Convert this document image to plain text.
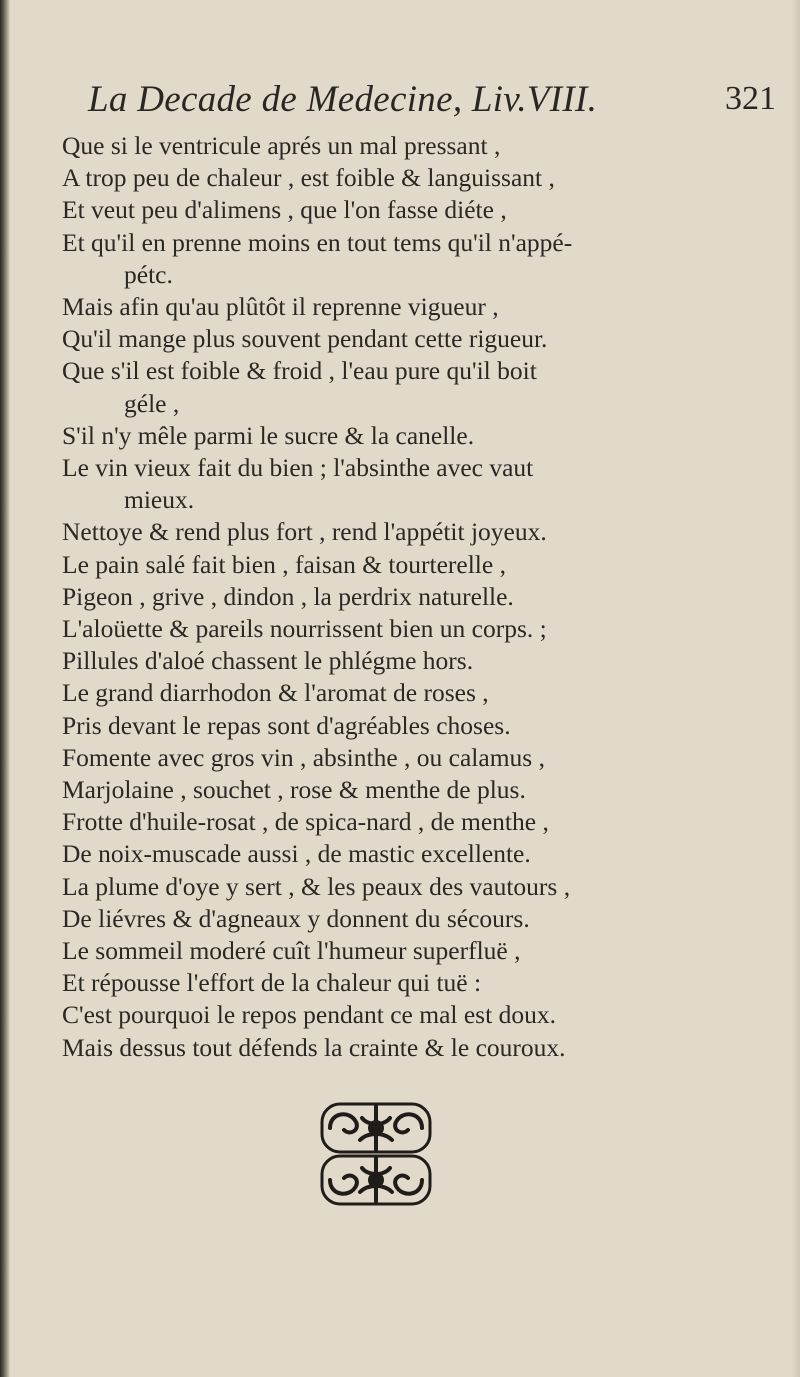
La Decade de Medecine, Liv.VIII.	321
Que si le ventricule aprés un mal pressant ,
A trop peu de chaleur , est foible & languissant ,
Et veut peu d'alimens , que l'on fasse diéte ,
Et qu'il en prenne moins en tout tems qu'il n'appé-
pétc.
Mais afin qu'au plûtôt il reprenne vigueur ,
Qu'il mange plus souvent pendant cette rigueur.
Que s'il est foible & froid , l'eau pure qu'il boit
géle ,
S'il n'y mêle parmi le sucre & la canelle.
Le vin vieux fait du bien ; l'absinthe avec vaut
mieux.
Nettoye & rend plus fort , rend l'appétit joyeux.
Le pain salé fait bien , faisan & tourterelle ,
Pigeon , grive , dindon , la perdrix naturelle.
L'aloüette & pareils nourrissent bien un corps. ;
Pillules d'aloé chassent le phlégme hors.
Le grand diarrhodon & l'aromat de roses ,
Pris devant le repas sont d'agréables choses.
Fomente avec gros vin , absinthe , ou calamus ,
Marjolaine , souchet , rose & menthe de plus.
Frotte d'huile-rosat , de spica-nard , de menthe ,
De noix-muscade aussi , de mastic excellente.
La plume d'oye y sert , & les peaux des vautours ,
De liévres & d'agneaux y donnent du sécours.
Le sommeil moderé cuît l'humeur superfluë ,
Et répousse l'effort de la chaleur qui tuë :
C'est pourquoi le repos pendant ce mal est doux.
Mais dessus tout défends la crainte & le couroux.
